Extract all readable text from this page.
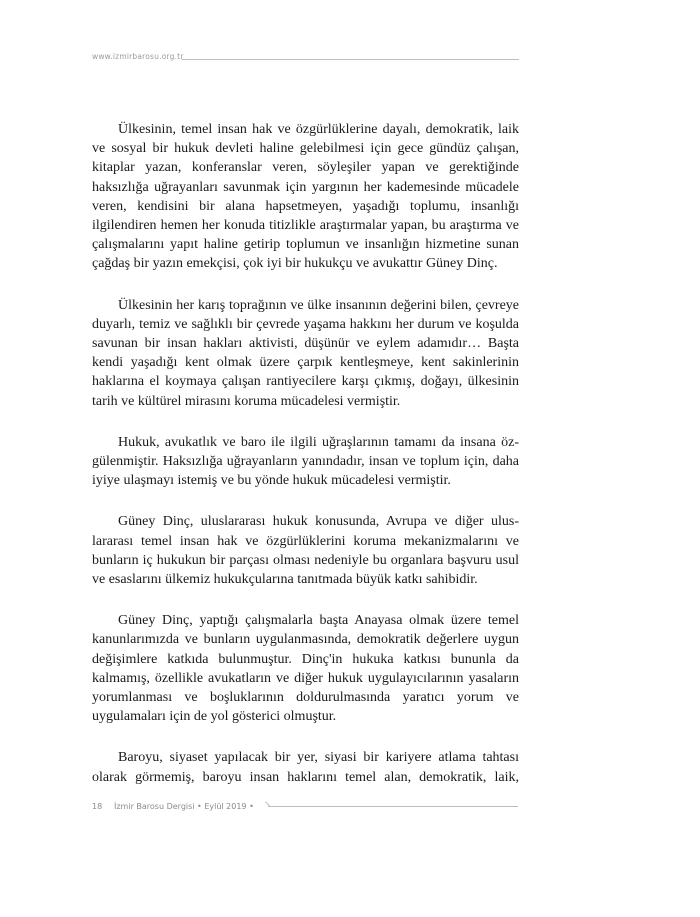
www.izmirbarosu.org.tr

Ülkesinin, temel insan hak ve özgürlüklerine dayalı, demokratik, laik ve sosyal bir hukuk devleti haline gelebilmesi için gece gündüz çalışan, kitaplar yazan, konferanslar veren, söyleşiler yapan ve gerektiğinde haksızlığa uğrayanları savunmak için yargının her kademesinde mücadele veren, kendisini bir alana hapsetmeyen, yaşadığı toplumu, insanlığı ilgilendiren hemen her konuda titizlikle araştırmalar yapan, bu araştırma ve çalışmalarını yapıt haline getirip toplumun ve insanlığın hizmetine sunan çağdaş bir yazın emekçisi, çok iyi bir hukukçu ve avukattır Güney Dinç.

Ülkesinin her karış toprağının ve ülke insanının değerini bilen, çevreye duyarlı, temiz ve sağlıklı bir çevrede yaşama hakkını her durum ve koşulda savunan bir insan hakları aktivisti, düşünür ve eylem adamıdır… Başta kendi yaşadığı kent olmak üzere çarpık kentleşmeye, kent sakinlerinin haklarına el koymaya çalışan rantiyecilere karşı çıkmış, doğayı, ülkesinin tarih ve kültürel mirasını koruma mücadelesi vermiştir.

Hukuk, avukatlık ve baro ile ilgili uğraşlarının tamamı da insana özgülenmiştir. Haksızlığa uğrayanların yanındadır, insan ve toplum için, daha iyiye ulaşmayı istemiş ve bu yönde hukuk mücadelesi vermiştir.

Güney Dinç, uluslararası hukuk konusunda, Avrupa ve diğer uluslararası temel insan hak ve özgürlüklerini koruma mekanizmalarını ve bunların iç hukukun bir parçası olması nedeniyle bu organlara başvuru usul ve esaslarını ülkemiz hukukçularına tanıtmada büyük katkı sahibidir.

Güney Dinç, yaptığı çalışmalarla başta Anayasa olmak üzere temel kanunlarımızda ve bunların uygulanmasında, demokratik değerlere uygun değişimlere katkıda bulunmuştur. Dinç'in hukuka katkısı bununla da kalmamış, özellikle avukatların ve diğer hukuk uygulayıcılarının yasaların yorumlanması ve boşluklarının doldurulmasında yaratıcı yorum ve uygulamaları için de yol gösterici olmuştur.

Baroyu, siyaset yapılacak bir yer, siyasi bir kariyere atlama tahtası olarak görmemiş, baroyu insan haklarını temel alan, demokratik, laik,

18 İzmir Barosu Dergisi • Eylül 2019 •
